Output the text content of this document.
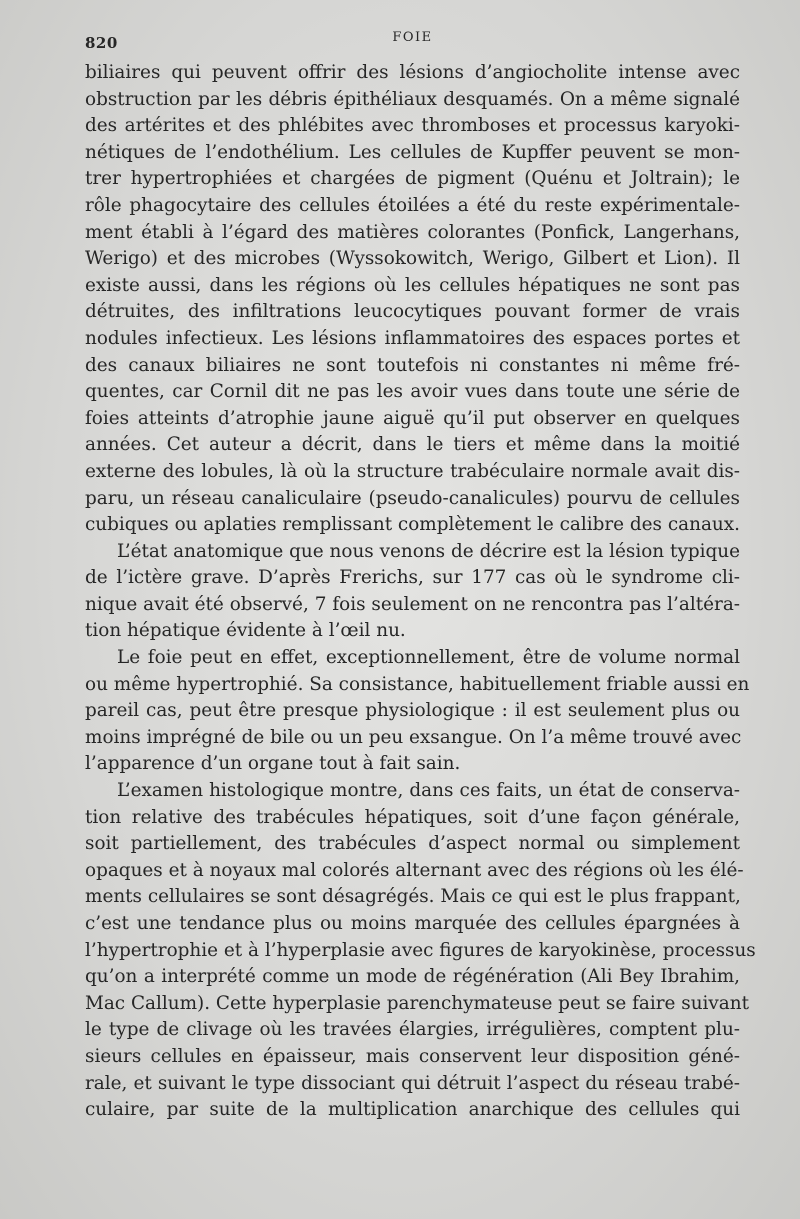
820	FOIE
biliaires qui peuvent offrir des lésions d’angiocholite intense avec
obstruction par les débris épithéliaux desquamés. On a même signalé
des artérites et des phlébites avec thromboses et processus karyoki-
nétiques de l’endothélium. Les cellules de Kupffer peuvent se mon-
trer hypertrophiées et chargées de pigment (Quénu et Joltrain); le
rôle phagocytaire des cellules étoilées a été du reste expérimentale-
ment établi à l’égard des matières colorantes (Ponfick, Langerhans,
Werigo) et des microbes (Wyssokowitch, Werigo, Gilbert et Lion). Il
existe aussi, dans les régions où les cellules hépatiques ne sont pas
détruites, des infiltrations leucocytiques pouvant former de vrais
nodules infectieux. Les lésions inflammatoires des espaces portes et
des canaux biliaires ne sont toutefois ni constantes ni même fré-
quentes, car Cornil dit ne pas les avoir vues dans toute une série de
foies atteints d’atrophie jaune aiguë qu’il put observer en quelques
années. Cet auteur a décrit, dans le tiers et même dans la moitié
externe des lobules, là où la structure trabéculaire normale avait dis-
paru, un réseau canaliculaire (pseudo-canalicules) pourvu de cellules
cubiques ou aplaties remplissant complètement le calibre des canaux.
L’état anatomique que nous venons de décrire est la lésion typique
de l’ictère grave. D’après Frerichs, sur 177 cas où le syndrome cli-
nique avait été observé, 7 fois seulement on ne rencontra pas l’altéra-
tion hépatique évidente à l’œil nu.
Le foie peut en effet, exceptionnellement, être de volume normal
ou même hypertrophié. Sa consistance, habituellement friable aussi en
pareil cas, peut être presque physiologique : il est seulement plus ou
moins imprégné de bile ou un peu exsangue. On l’a même trouvé avec
l’apparence d’un organe tout à fait sain.
L’examen histologique montre, dans ces faits, un état de conserva-
tion relative des trabécules hépatiques, soit d’une façon générale,
soit partiellement, des trabécules d’aspect normal ou simplement
opaques et à noyaux mal colorés alternant avec des régions où les élé-
ments cellulaires se sont désagrégés. Mais ce qui est le plus frappant,
c’est une tendance plus ou moins marquée des cellules épargnées à
l’hypertrophie et à l’hyperplasie avec figures de karyokinèse, processus
qu’on a interprété comme un mode de régénération (Ali Bey Ibrahim,
Mac Callum). Cette hyperplasie parenchymateuse peut se faire suivant
le type de clivage où les travées élargies, irrégulières, comptent plu-
sieurs cellules en épaisseur, mais conservent leur disposition géné-
rale, et suivant le type dissociant qui détruit l’aspect du réseau trabé-
culaire, par suite de la multiplication anarchique des cellules qui
